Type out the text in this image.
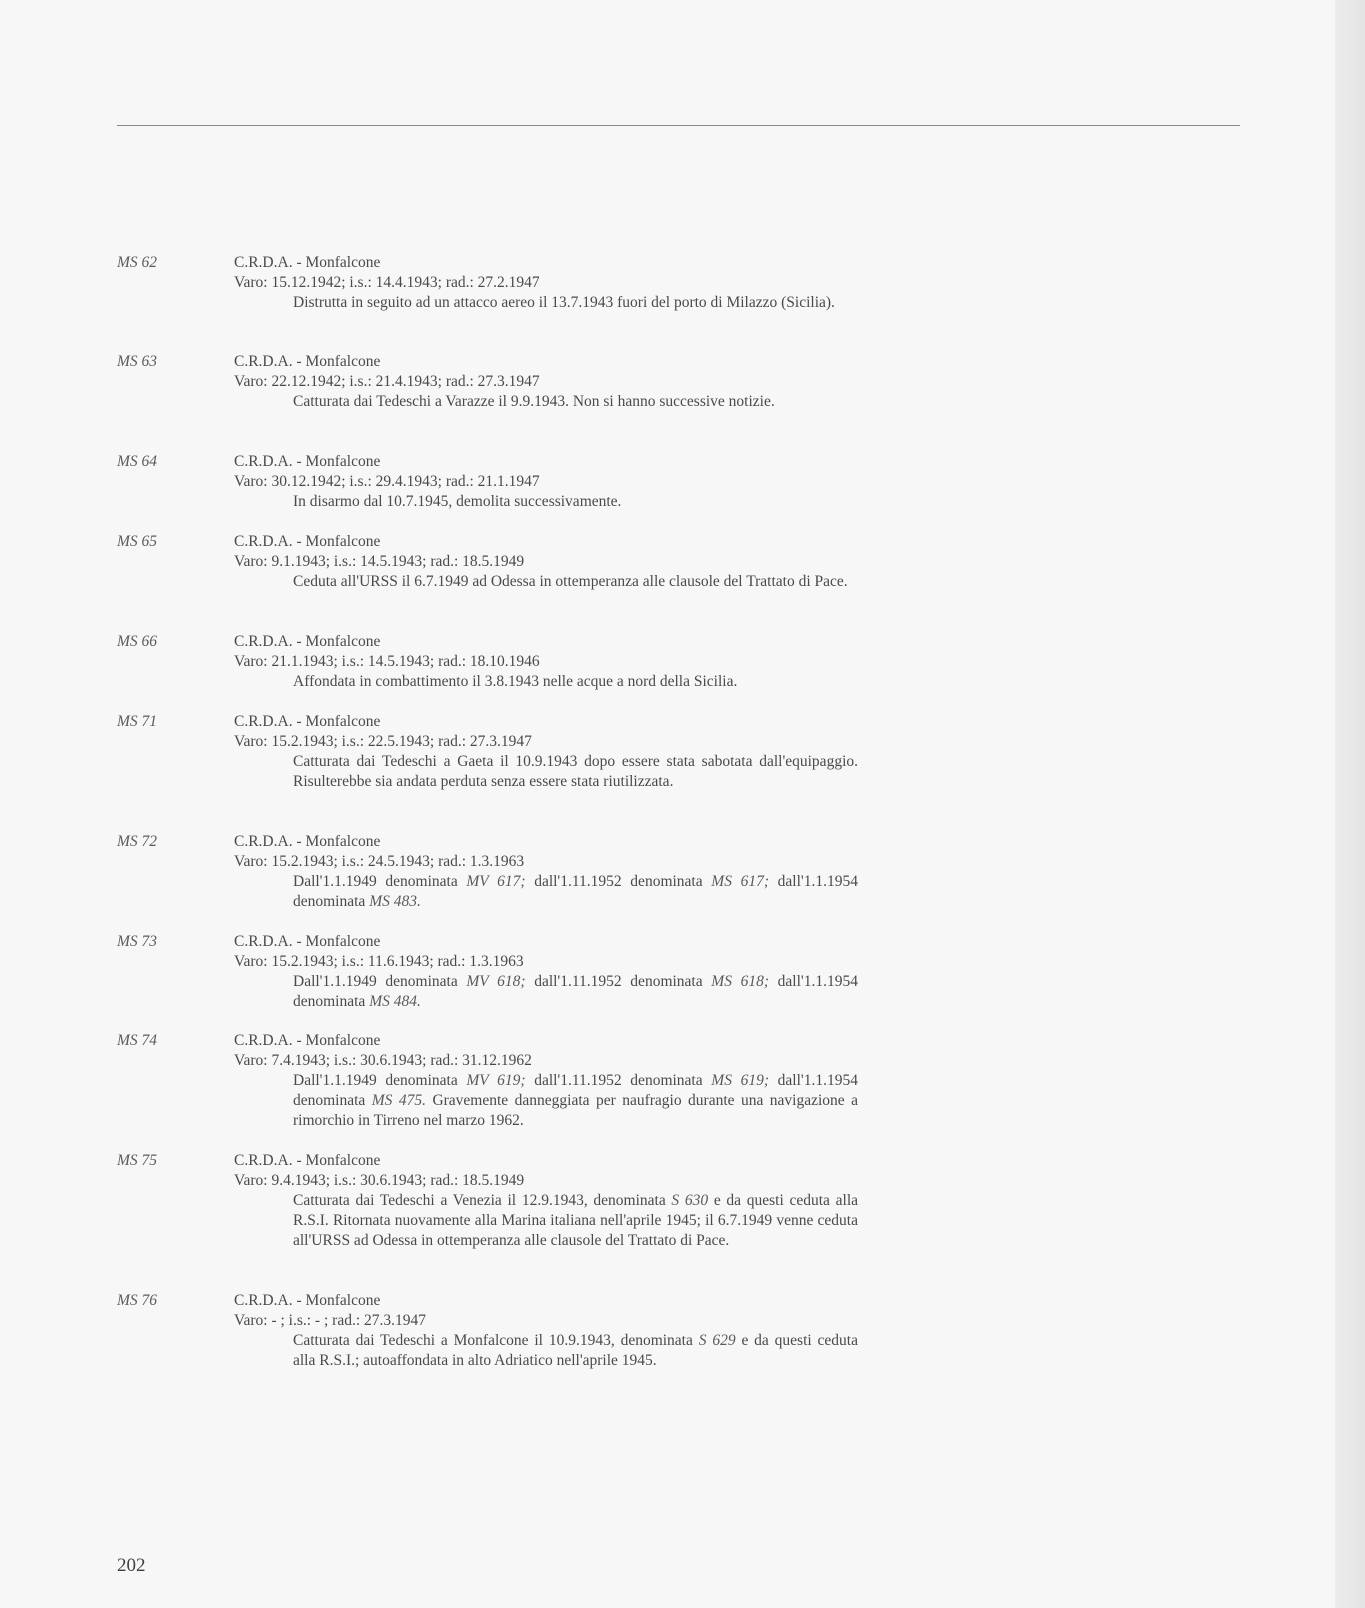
MS 62	C.R.D.A. - Monfalcone
Varo: 15.12.1942; i.s.: 14.4.1943; rad.: 27.2.1947
Distrutta in seguito ad un attacco aereo il 13.7.1943 fuori del porto di Milazzo (Sicilia).
MS 63	C.R.D.A. - Monfalcone
Varo: 22.12.1942; i.s.: 21.4.1943; rad.: 27.3.1947
Catturata dai Tedeschi a Varazze il 9.9.1943. Non si hanno successive notizie.
MS 64	C.R.D.A. - Monfalcone
Varo: 30.12.1942; i.s.: 29.4.1943; rad.: 21.1.1947
In disarmo dal 10.7.1945, demolita successivamente.
MS 65	C.R.D.A. - Monfalcone
Varo: 9.1.1943; i.s.: 14.5.1943; rad.: 18.5.1949
Ceduta all'URSS il 6.7.1949 ad Odessa in ottemperanza alle clausole del Trattato di Pace.
MS 66	C.R.D.A. - Monfalcone
Varo: 21.1.1943; i.s.: 14.5.1943; rad.: 18.10.1946
Affondata in combattimento il 3.8.1943 nelle acque a nord della Sicilia.
MS 71	C.R.D.A. - Monfalcone
Varo: 15.2.1943; i.s.: 22.5.1943; rad.: 27.3.1947
Catturata dai Tedeschi a Gaeta il 10.9.1943 dopo essere stata sabotata dall'equipaggio. Risulterebbe sia andata perduta senza essere stata riutilizzata.
MS 72	C.R.D.A. - Monfalcone
Varo: 15.2.1943; i.s.: 24.5.1943; rad.: 1.3.1963
Dall'1.1.1949 denominata MV 617; dall'1.11.1952 denominata MS 617; dall'1.1.1954 denominata MS 483.
MS 73	C.R.D.A. - Monfalcone
Varo: 15.2.1943; i.s.: 11.6.1943; rad.: 1.3.1963
Dall'1.1.1949 denominata MV 618; dall'1.11.1952 denominata MS 618; dall'1.1.1954 denominata MS 484.
MS 74	C.R.D.A. - Monfalcone
Varo: 7.4.1943; i.s.: 30.6.1943; rad.: 31.12.1962
Dall'1.1.1949 denominata MV 619; dall'1.11.1952 denominata MS 619; dall'1.1.1954 denominata MS 475. Gravemente danneggiata per naufragio durante una navigazione a rimorchio in Tirreno nel marzo 1962.
MS 75	C.R.D.A. - Monfalcone
Varo: 9.4.1943; i.s.: 30.6.1943; rad.: 18.5.1949
Catturata dai Tedeschi a Venezia il 12.9.1943, denominata S 630 e da questi ceduta alla R.S.I. Ritornata nuovamente alla Marina italiana nell'aprile 1945; il 6.7.1949 venne ceduta all'URSS ad Odessa in ottemperanza alle clausole del Trattato di Pace.
MS 76	C.R.D.A. - Monfalcone
Varo: - ; i.s.: - ; rad.: 27.3.1947
Catturata dai Tedeschi a Monfalcone il 10.9.1943, denominata S 629 e da questi ceduta alla R.S.I.; autoaffondata in alto Adriatico nell'aprile 1945.
202
